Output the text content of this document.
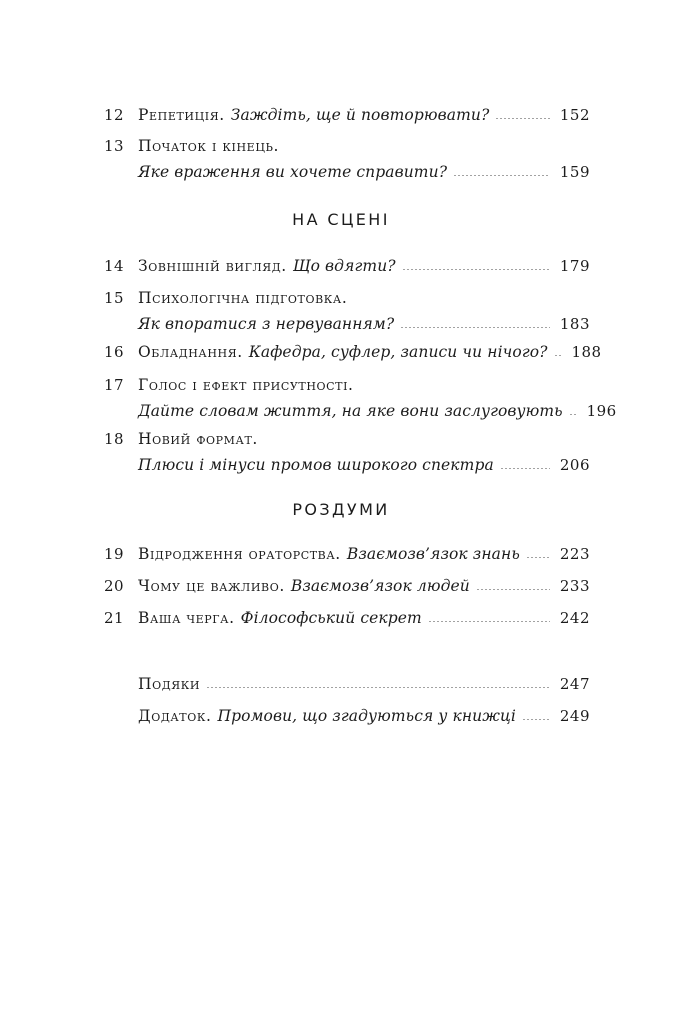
12 Репетиція. Заждіть, ще й повторювати?	152
13 Початок і кінець.
Яке враження ви хочете справити?	159
НА СЦЕНІ
14 Зовнішній вигляд. Що вдягти?	179
15 Психологічна підготовка.
Як впоратися з нервуванням?	183
16 Обладнання. Кафедра, суфлер, записи чи нічого? 188
17 Голос і ефект присутності.
Дайте словам життя, на яке вони заслуговують 196
18 Новий формат.
Плюси і мінуси промов широкого спектра	206
РОЗДУМИ
19 Відродження ораторства. Взаємозв’язок знань	223
20 Чому це важливо. Взаємозв’язок людей	233
21 Ваша черга. Філософський секрет	242
Подяки	247
Додаток. Промови, що згадуються у книжці	249
